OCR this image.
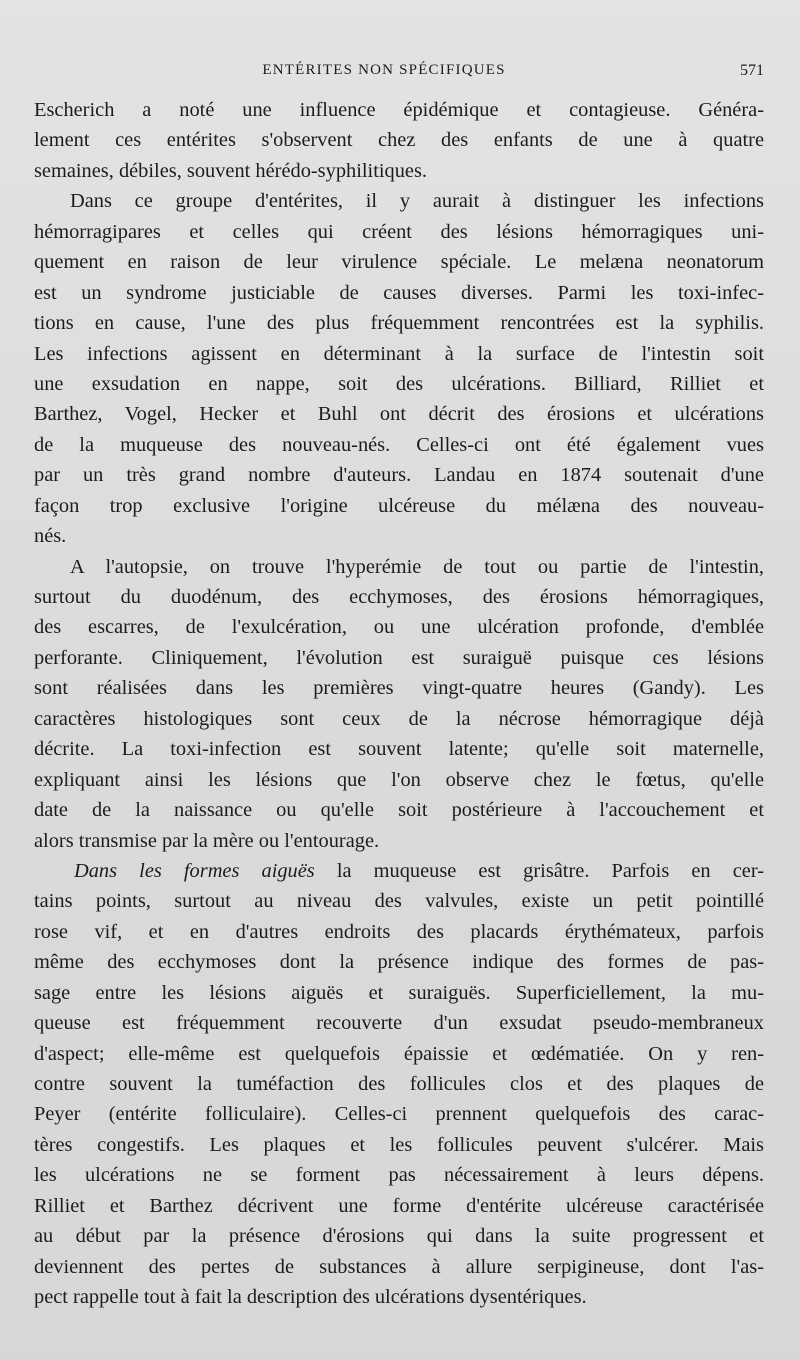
ENTÉRITES NON SPÉCIFIQUES	571
Escherich a noté une influence épidémique et contagieuse. Généra-
lement ces entérites s'observent chez des enfants de une à quatre
semaines, débiles, souvent hérédo-syphilitiques.
Dans ce groupe d'entérites, il y aurait à distinguer les infections
hémorragipares et celles qui créent des lésions hémorragiques uni-
quement en raison de leur virulence spéciale. Le melæna neonatorum
est un syndrome justiciable de causes diverses. Parmi les toxi-infec-
tions en cause, l'une des plus fréquemment rencontrées est la syphilis.
Les infections agissent en déterminant à la surface de l'intestin soit
une exsudation en nappe, soit des ulcérations. Billiard, Rilliet et
Barthez, Vogel, Hecker et Buhl ont décrit des érosions et ulcérations
de la muqueuse des nouveau-nés. Celles-ci ont été également vues
par un très grand nombre d'auteurs. Landau en 1874 soutenait d'une
façon trop exclusive l'origine ulcéreuse du mélæna des nouveau-
nés.
A l'autopsie, on trouve l'hyperémie de tout ou partie de l'intestin,
surtout du duodénum, des ecchymoses, des érosions hémorragiques,
des escarres, de l'exulcération, ou une ulcération profonde, d'emblée
perforante. Cliniquement, l'évolution est suraiguë puisque ces lésions
sont réalisées dans les premières vingt-quatre heures (Gandy). Les
caractères histologiques sont ceux de la nécrose hémorragique déjà
décrite. La toxi-infection est souvent latente; qu'elle soit maternelle,
expliquant ainsi les lésions que l'on observe chez le fœtus, qu'elle
date de la naissance ou qu'elle soit postérieure à l'accouchement et
alors transmise par la mère ou l'entourage.
Dans les formes aiguës la muqueuse est grisâtre. Parfois en cer-
tains points, surtout au niveau des valvules, existe un petit pointillé
rose vif, et en d'autres endroits des placards érythémateux, parfois
même des ecchymoses dont la présence indique des formes de pas-
sage entre les lésions aiguës et suraiguës. Superficiellement, la mu-
queuse est fréquemment recouverte d'un exsudat pseudo-membraneux
d'aspect; elle-même est quelquefois épaissie et œdématiée. On y ren-
contre souvent la tuméfaction des follicules clos et des plaques de
Peyer (entérite folliculaire). Celles-ci prennent quelquefois des carac-
tères congestifs. Les plaques et les follicules peuvent s'ulcérer. Mais
les ulcérations ne se forment pas nécessairement à leurs dépens.
Rilliet et Barthez décrivent une forme d'entérite ulcéreuse caractérisée
au début par la présence d'érosions qui dans la suite progressent et
deviennent des pertes de substances à allure serpigineuse, dont l'as-
pect rappelle tout à fait la description des ulcérations dysentériques.
